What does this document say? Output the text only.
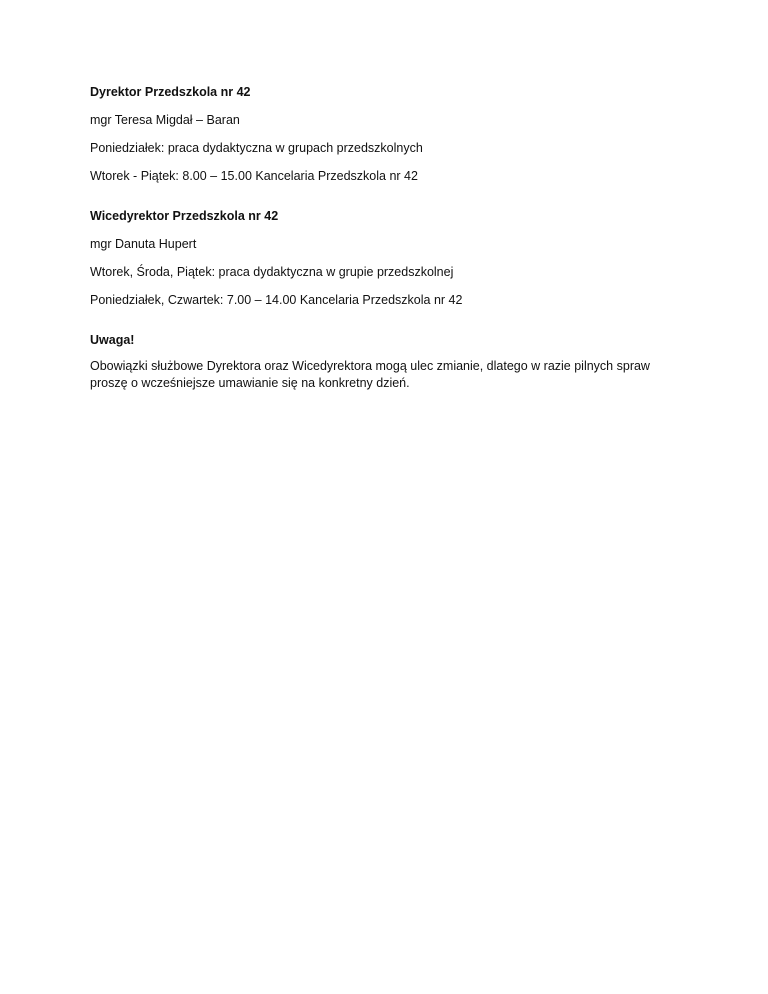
Dyrektor Przedszkola nr 42

mgr Teresa Migdał – Baran

Poniedziałek: praca dydaktyczna w grupach przedszkolnych

Wtorek - Piątek: 8.00 – 15.00 Kancelaria Przedszkola nr 42

Wicedyrektor Przedszkola nr 42

mgr Danuta Hupert

Wtorek, Środa, Piątek: praca dydaktyczna w grupie przedszkolnej

Poniedziałek, Czwartek: 7.00 – 14.00 Kancelaria Przedszkola nr 42

Uwaga!

Obowiązki służbowe Dyrektora oraz Wicedyrektora mogą ulec zmianie, dlatego w razie pilnych spraw proszę o wcześniejsze umawianie się na konkretny dzień.
